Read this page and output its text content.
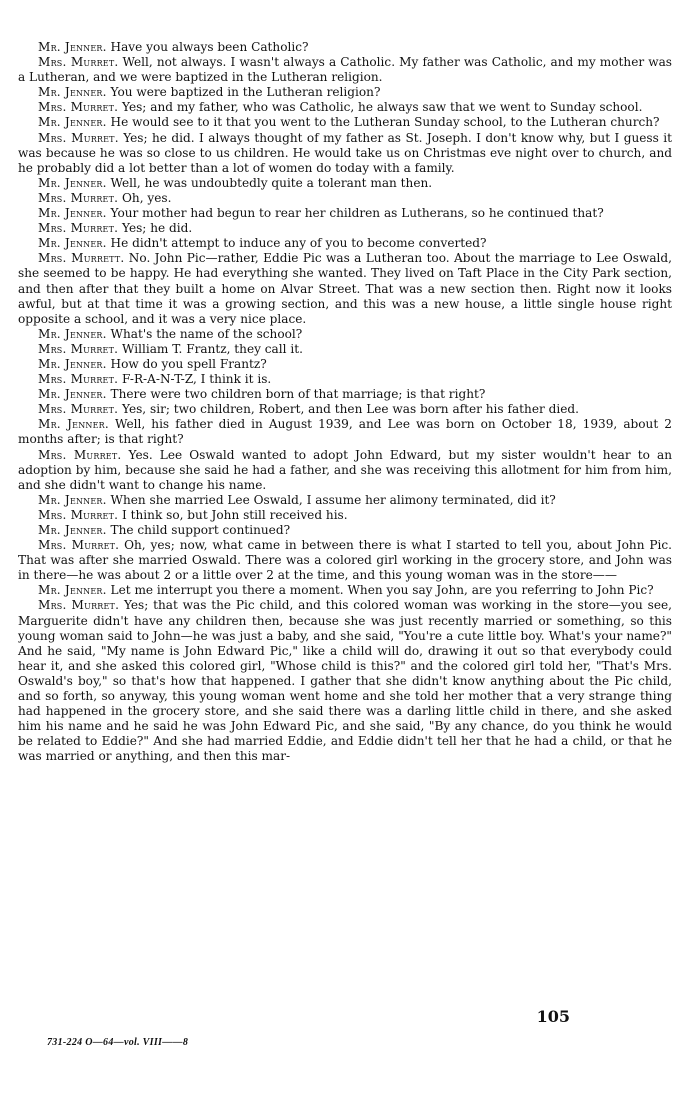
Mr. Jenner. Have you always been Catholic?

Mrs. Murret. Well, not always. I wasn't always a Catholic. My father was Catholic, and my mother was a Lutheran, and we were baptized in the Lutheran religion.

Mr. Jenner. You were baptized in the Lutheran religion?

Mrs. Murret. Yes; and my father, who was Catholic, he always saw that we went to Sunday school.

Mr. Jenner. He would see to it that you went to the Lutheran Sunday school, to the Lutheran church?

Mrs. Murret. Yes; he did. I always thought of my father as St. Joseph. I don't know why, but I guess it was because he was so close to us children. He would take us on Christmas eve night over to church, and he probably did a lot better than a lot of women do today with a family.

Mr. Jenner. Well, he was undoubtedly quite a tolerant man then.

Mrs. Murret. Oh, yes.

Mr. Jenner. Your mother had begun to rear her children as Lutherans, so he continued that?

Mrs. Murret. Yes; he did.

Mr. Jenner. He didn't attempt to induce any of you to become converted?

Mrs. Murrett. No. John Pic—rather, Eddie Pic was a Lutheran too. About the marriage to Lee Oswald, she seemed to be happy. He had everything she wanted. They lived on Taft Place in the City Park section, and then after that they built a home on Alvar Street. That was a new section then. Right now it looks awful, but at that time it was a growing section, and this was a new house, a little single house right opposite a school, and it was a very nice place.

Mr. Jenner. What's the name of the school?

Mrs. Murret. William T. Frantz, they call it.

Mr. Jenner. How do you spell Frantz?

Mrs. Murret. F-R-A-N-T-Z, I think it is.

Mr. Jenner. There were two children born of that marriage; is that right?

Mrs. Murret. Yes, sir; two children, Robert, and then Lee was born after his father died.

Mr. Jenner. Well, his father died in August 1939, and Lee was born on October 18, 1939, about 2 months after; is that right?

Mrs. Murret. Yes. Lee Oswald wanted to adopt John Edward, but my sister wouldn't hear to an adoption by him, because she said he had a father, and she was receiving this allotment for him from him, and she didn't want to change his name.

Mr. Jenner. When she married Lee Oswald, I assume her alimony terminated, did it?

Mrs. Murret. I think so, but John still received his.

Mr. Jenner. The child support continued?

Mrs. Murret. Oh, yes; now, what came in between there is what I started to tell you, about John Pic. That was after she married Oswald. There was a colored girl working in the grocery store, and John was in there—he was about 2 or a little over 2 at the time, and this young woman was in the store——

Mr. Jenner. Let me interrupt you there a moment. When you say John, are you referring to John Pic?

Mrs. Murret. Yes; that was the Pic child, and this colored woman was working in the store—you see, Marguerite didn't have any children then, because she was just recently married or something, so this young woman said to John—he was just a baby, and she said, "You're a cute little boy. What's your name?" And he said, "My name is John Edward Pic," like a child will do, drawing it out so that everybody could hear it, and she asked this colored girl, "Whose child is this?" and the colored girl told her, "That's Mrs. Oswald's boy," so that's how that happened. I gather that she didn't know anything about the Pic child, and so forth, so anyway, this young woman went home and she told her mother that a very strange thing had happened in the grocery store, and she said there was a darling little child in there, and she asked him his name and he said he was John Edward Pic, and she said, "By any chance, do you think he would be related to Eddie?" And she had married Eddie, and Eddie didn't tell her that he had a child, or that he was married or anything, and then this mar-

105
731-224 O—64—vol. VIII——8
